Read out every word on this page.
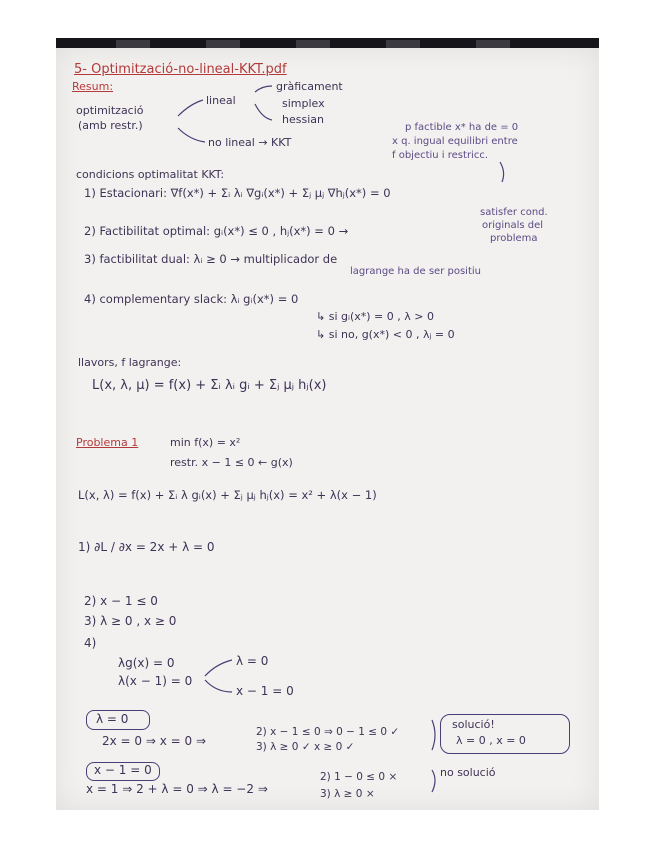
5- Optimització-no-lineal-KKT.pdf
Resum:
optimització
(amb restr.)
lineal
gràficament
simplex
hessian
no lineal → KKT
p factible x* ha de = 0
x q. ingual equilibri entre
f objectiu i restricc.
condicions optimalitat KKT:
1) Estacionari: ∇f(x*) + Σᵢ λᵢ ∇gᵢ(x*) + Σⱼ μⱼ ∇hⱼ(x*) = 0
2) Factibilitat optimal: gᵢ(x*) ≤ 0 , hⱼ(x*) = 0 →
satisfer cond.
originals del
problema
3) factibilitat dual: λᵢ ≥ 0 → multiplicador de
lagrange ha de ser positiu
4) complementary slack: λᵢ gᵢ(x*) = 0
↳ si gᵢ(x*) = 0 , λ > 0
↳ si no, g(x*) < 0 , λⱼ = 0
llavors, f lagrange:
L(x, λ, μ) = f(x) + Σᵢ λᵢ gᵢ + Σⱼ μⱼ hⱼ(x)
Problema 1	min f(x) = x²
restr. x − 1 ≤ 0 ← g(x)
L(x, λ) = f(x) + Σᵢ λ gᵢ(x) + Σⱼ μⱼ hⱼ(x) = x² + λ(x − 1)
1) ∂L / ∂x = 2x + λ = 0
2) x − 1 ≤ 0
3) λ ≥ 0 , x ≥ 0
4)
λg(x) = 0
λ(x − 1) = 0
λ = 0
x − 1 = 0
λ = 0
2x = 0 ⇒ x = 0 ⇒
2) x − 1 ≤ 0 ⇒ 0 − 1 ≤ 0 ✓
3) λ ≥ 0 ✓ x ≥ 0 ✓
solució!
λ = 0 , x = 0
x − 1 = 0
x = 1 ⇒ 2 + λ = 0 ⇒ λ = −2 ⇒
2) 1 − 0 ≤ 0 ×
3) λ ≥ 0 ×
no solució
